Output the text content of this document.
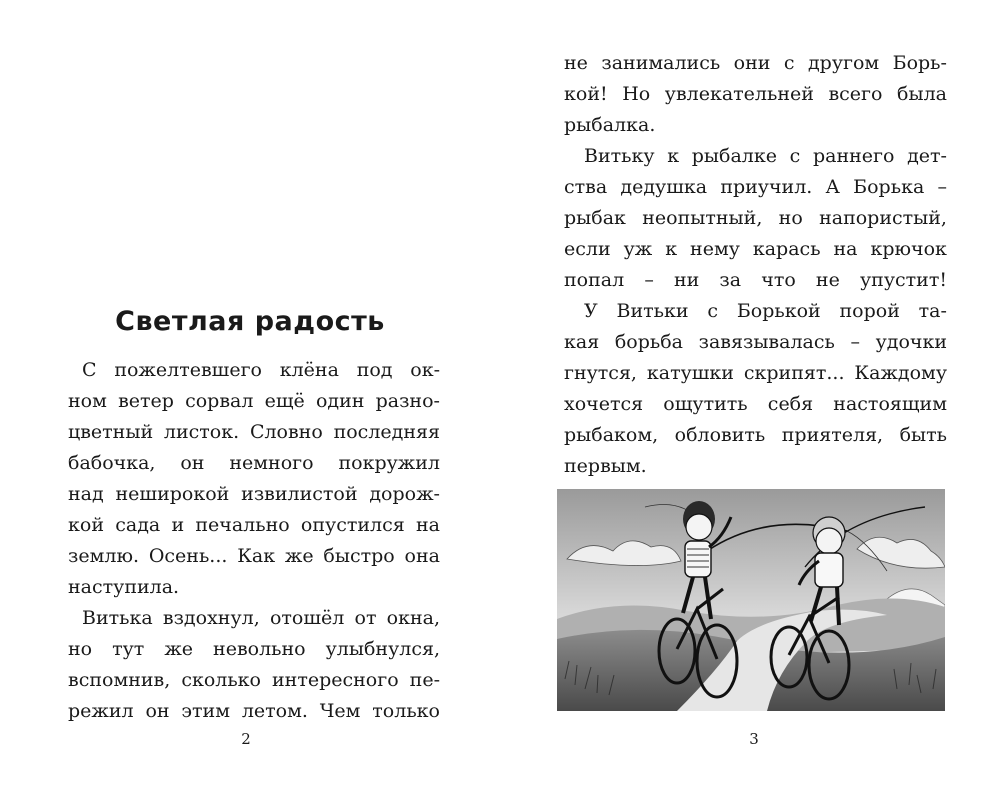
Светлая радость
С пожелтевшего клёна под ок-
ном ветер сорвал ещё один разно-
цветный листок. Словно последняя
бабочка, он немного покружил
над неширокой извилистой дорож-
кой сада и печально опустился на
землю. Осень... Как же быстро она
наступила.
Витька вздохнул, отошёл от окна,
но тут же невольно улыбнулся,
вспомнив, сколько интересного пе-
режил он этим летом. Чем только
2
не занимались они с другом Борь-
кой! Но увлекательней всего была
рыбалка.
Витьку к рыбалке с раннего дет-
ства дедушка приучил. А Борька –
рыбак неопытный, но напористый,
если уж к нему карась на крючок
попал – ни за что не упустит!
У Витьки с Борькой порой та-
кая борьба завязывалась – удочки
гнутся, катушки скрипят... Каждому
хочется ощутить себя настоящим
рыбаком, обловить приятеля, быть
первым.
3
